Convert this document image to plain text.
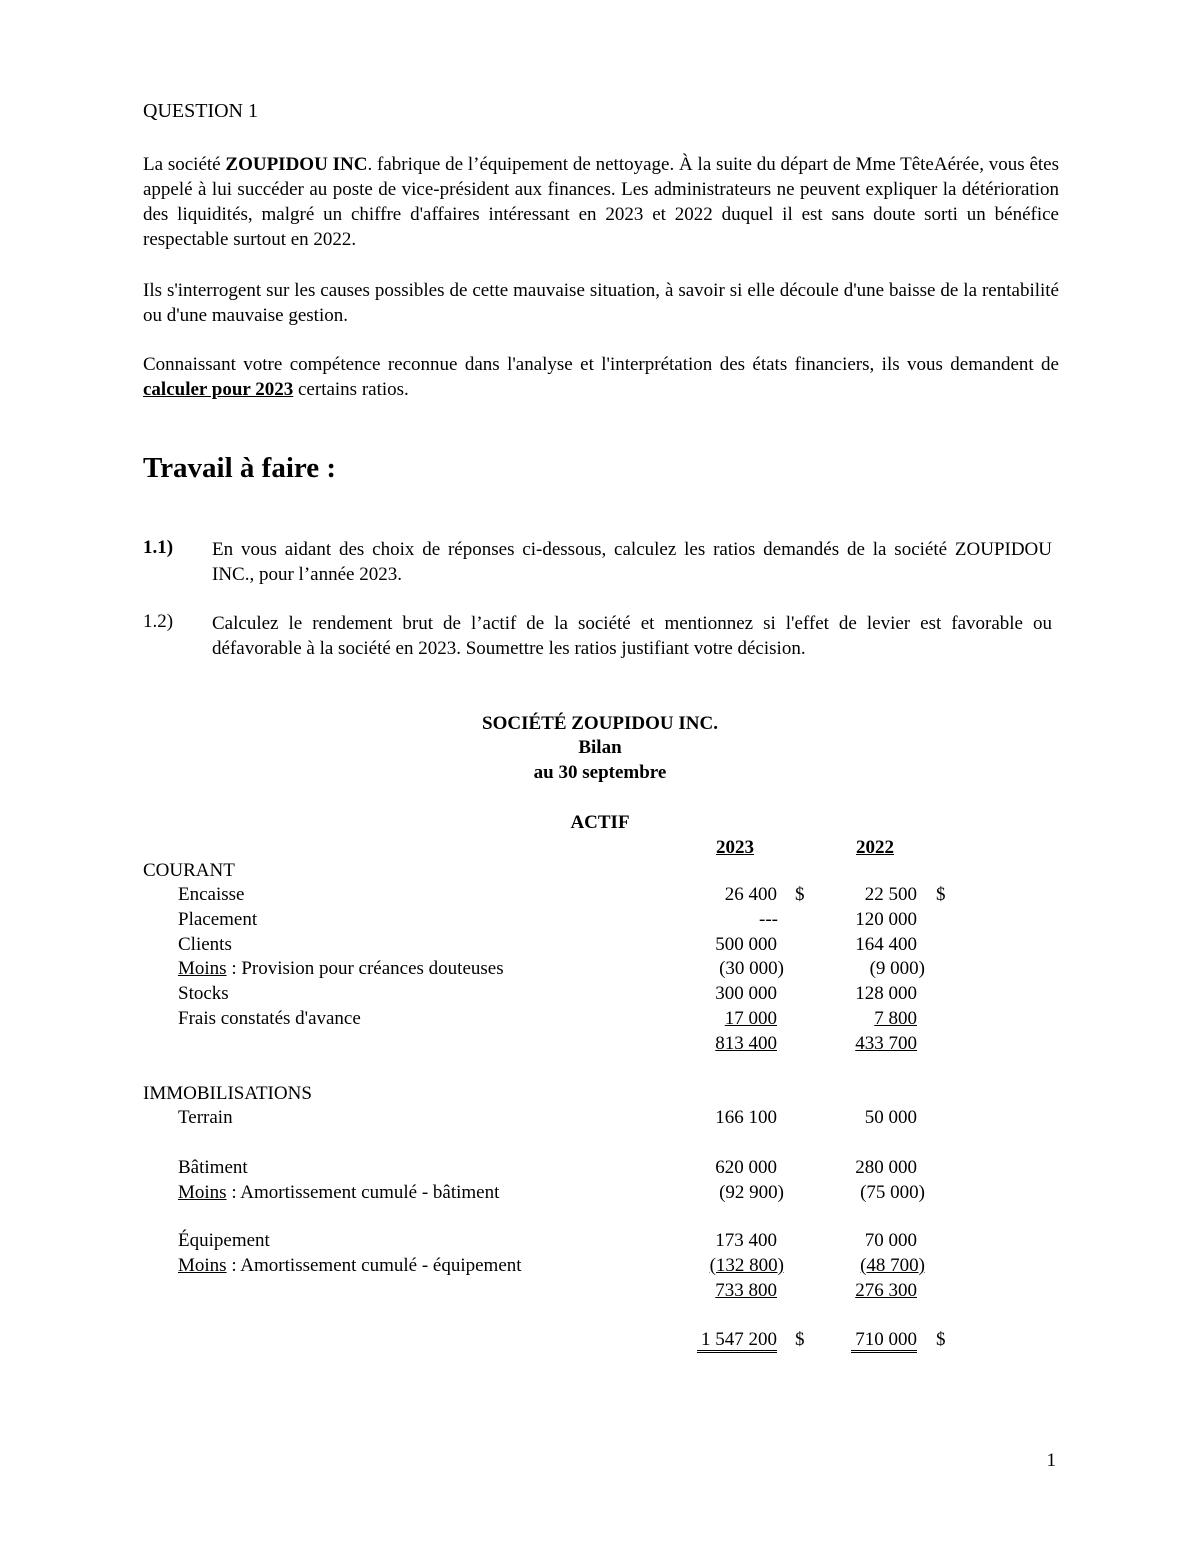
QUESTION 1
La société ZOUPIDOU INC. fabrique de l’équipement de nettoyage. À la suite du départ de Mme TêteAérée, vous êtes appelé à lui succéder au poste de vice-président aux finances. Les administrateurs ne peuvent expliquer la détérioration des liquidités, malgré un chiffre d'affaires intéressant en 2023 et 2022 duquel il est sans doute sorti un bénéfice respectable surtout en 2022.
Ils s'interrogent sur les causes possibles de cette mauvaise situation, à savoir si elle découle d'une baisse de la rentabilité ou d'une mauvaise gestion.
Connaissant votre compétence reconnue dans l'analyse et l'interprétation des états financiers, ils vous demandent de calculer pour 2023 certains ratios.
Travail à faire :
1.1) En vous aidant des choix de réponses ci-dessous, calculez les ratios demandés de la société ZOUPIDOU INC., pour l’année 2023.
1.2) Calculez le rendement brut de l’actif de la société et mentionnez si l'effet de levier est favorable ou défavorable à la société en 2023. Soumettre les ratios justifiant votre décision.
SOCIÉTÉ ZOUPIDOU INC.
Bilan
au 30 septembre
ACTIF
2023	2022
COURANT
Encaisse	26 400 $	22 500 $
Placement	---	120 000
Clients	500 000	164 400
Moins : Provision pour créances douteuses	(30 000)	(9 000)
Stocks	300 000	128 000
Frais constatés d'avance	17 000	7 800
813 400	433 700
IMMOBILISATIONS
Terrain	166 100	50 000
Bâtiment	620 000	280 000
Moins : Amortissement cumulé - bâtiment	(92 900)	(75 000)
Équipement	173 400	70 000
Moins : Amortissement cumulé - équipement	(132 800)	(48 700)
733 800	276 300
1 547 200 $	710 000 $
1
